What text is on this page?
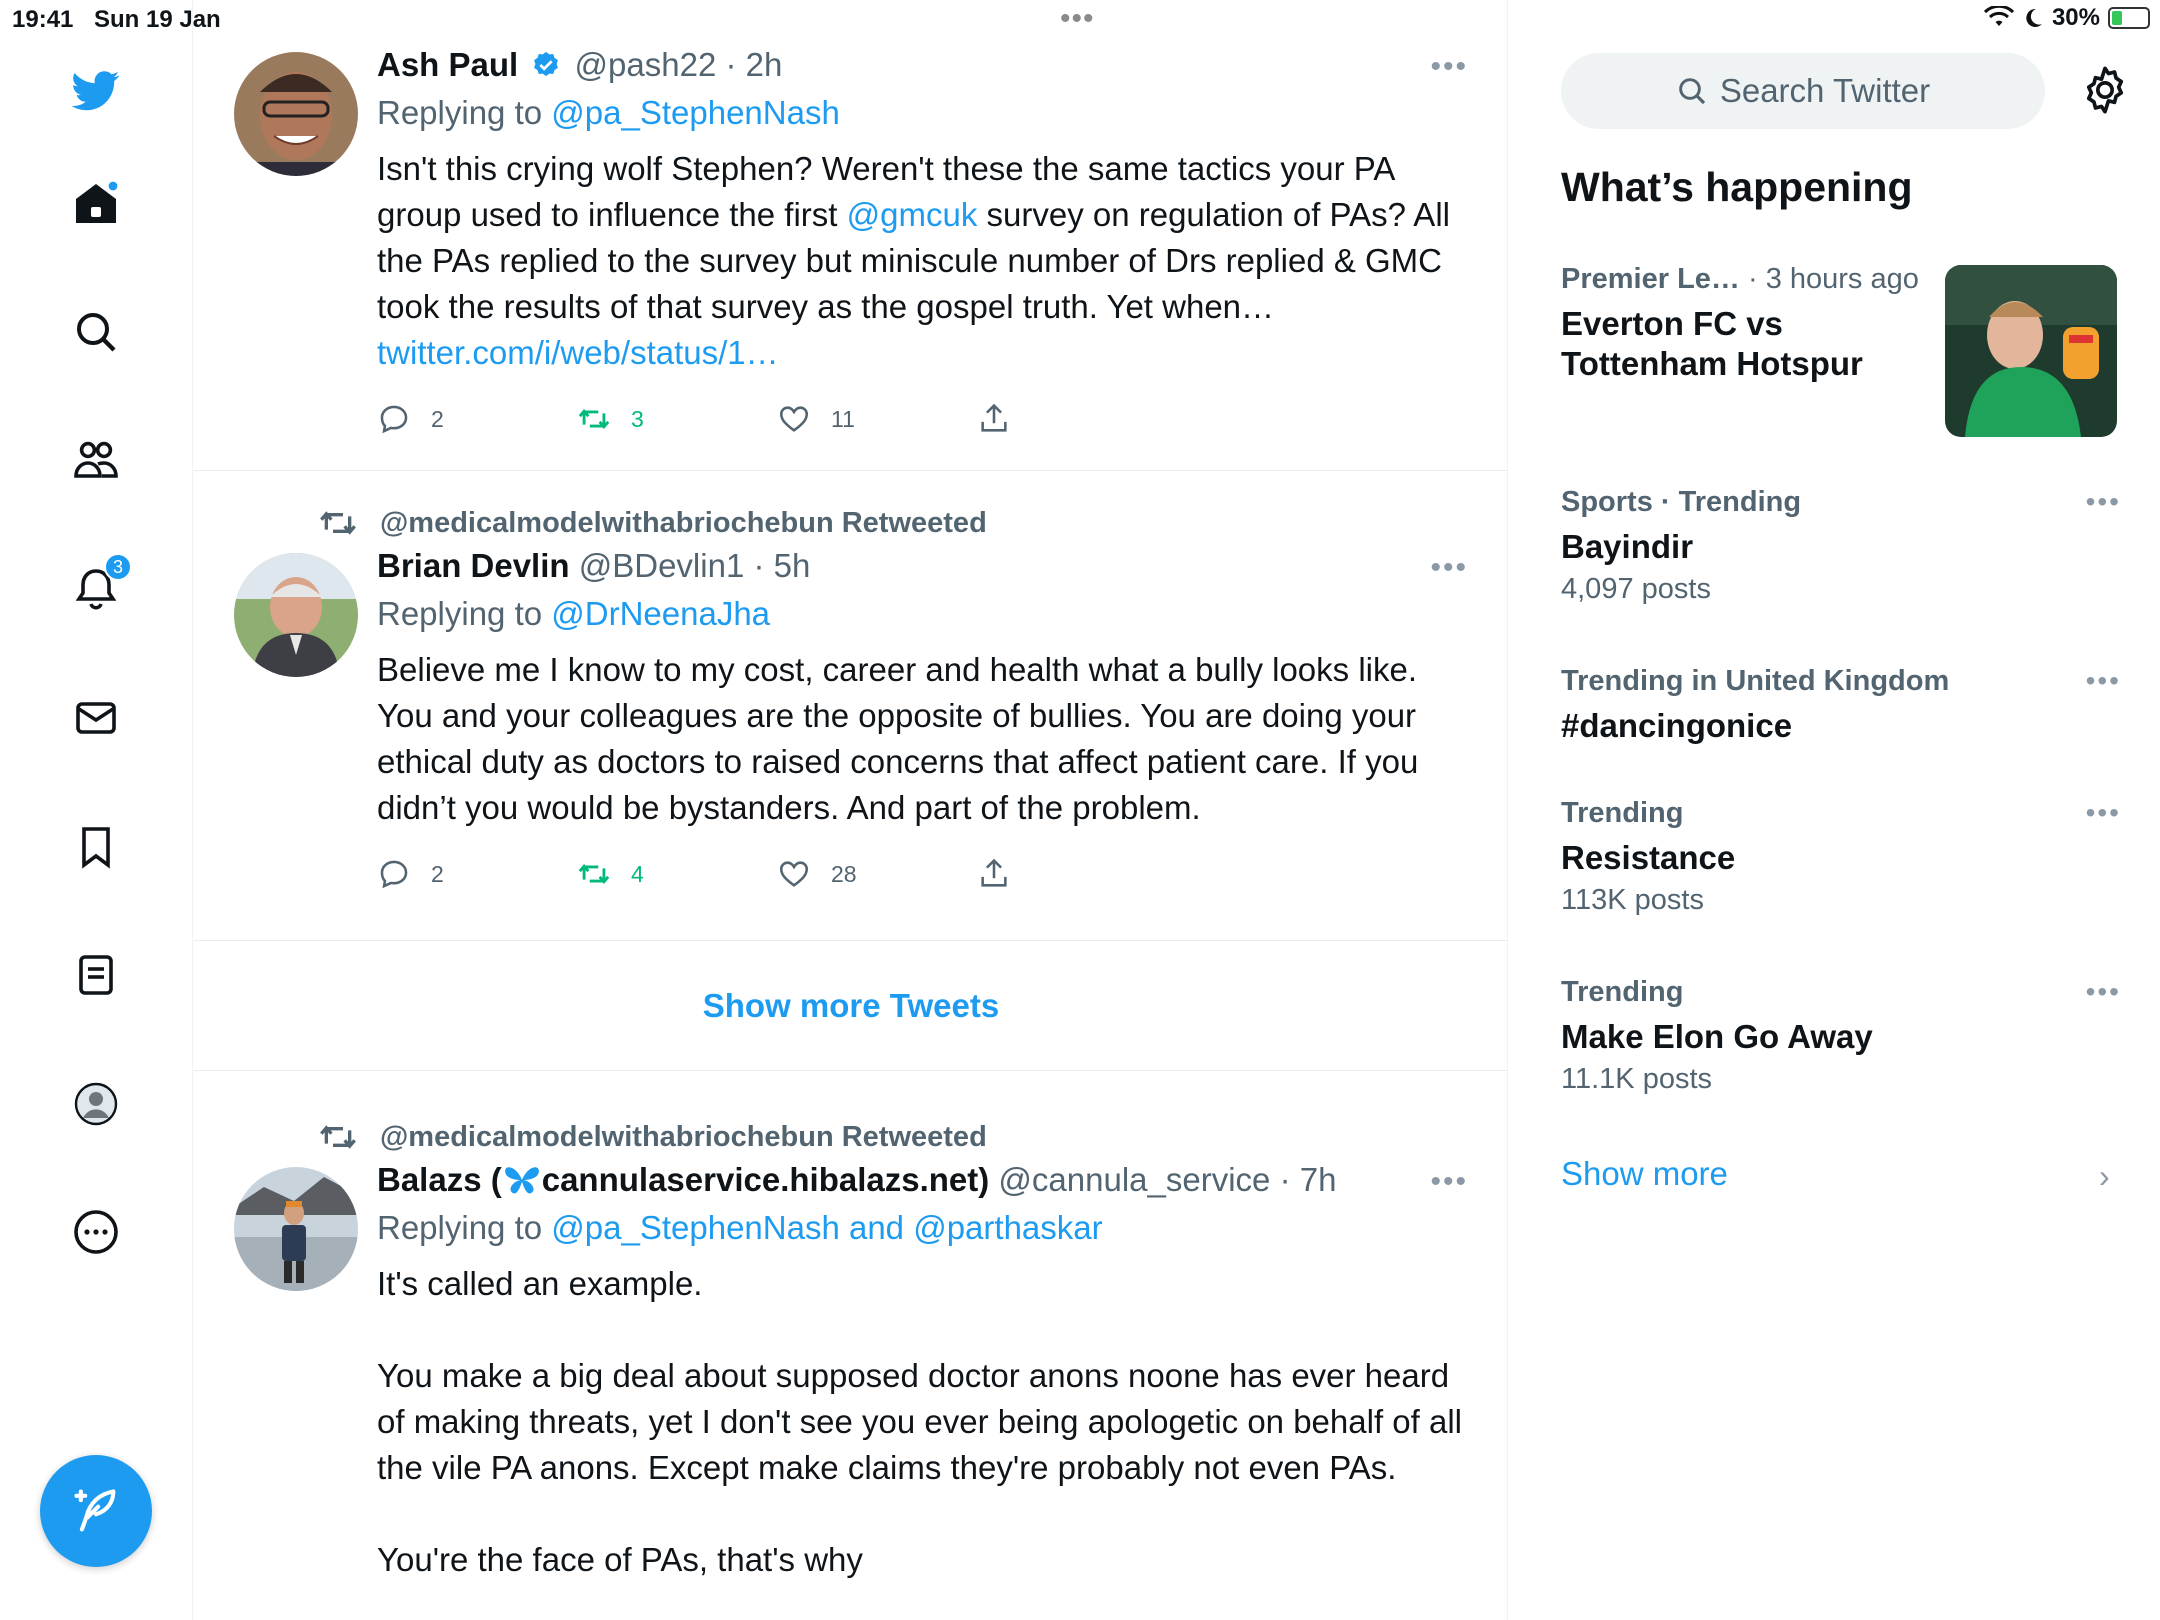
19:41 Sun 19 Jan	•••	30%
3
Ash Paul @pash22 · 2h
Replying to @pa_StephenNash
Isn't this crying wolf Stephen? Weren't these the same tactics your PA group used to influence the first @gmcuk survey on regulation of PAs? All the PAs replied to the survey but miniscule number of Drs replied & GMC took the results of that survey as the gospel truth. Yet when…
twitter.com/i/web/status/1…
•••
2	3	11
@medicalmodelwithabriochebun Retweeted
Brian Devlin @BDevlin1 · 5h
Replying to @DrNeenaJha
Believe me I know to my cost, career and health what a bully looks like. You and your colleagues are the opposite of bullies. You are doing your ethical duty as doctors to raised concerns that affect patient care. If you didn’t you would be bystanders. And part of the problem.
•••
2	4	28
Show more Tweets
@medicalmodelwithabriochebun Retweeted
Balazs ( cannulaservice.hibalazs.net) @cannula_service · 7h
Replying to @pa_StephenNash and @parthaskar
It's called an example.
You make a big deal about supposed doctor anons noone has ever heard of making threats, yet I don't see you ever being apologetic on behalf of all the vile PA anons. Except make claims they're probably not even PAs.
You're the face of PAs, that's why
•••
Search Twitter
What’s happening
Premier Le… · 3 hours ago
Everton FC vs Tottenham Hotspur
Sports · Trending
Bayindir
4,097 posts
•••
Trending in United Kingdom
#dancingonice
•••
Trending
Resistance
113K posts
•••
Trending
Make Elon Go Away
11.1K posts
•••
Show more	›
